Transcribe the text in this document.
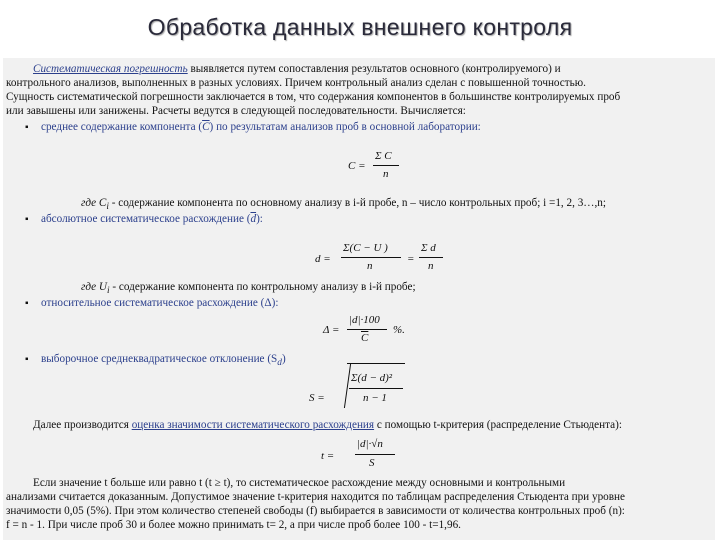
Обработка данных внешнего контроля
Систематическая погрешность выявляется путем сопоставления результатов основного (контролируемого) и
контрольного анализов, выполненных в разных условиях. Причем контрольный анализ сделан с повышенной точностью.
Сущность систематической погрешности заключается в том, что содержания компонентов в большинстве контролируемых проб
или завышены или занижены. Расчеты ведутся в следующей последовательности. Вычисляется:
▪ среднее содержание компонента $(\overline{C})$ по результатам анализов проб в основной лаборатории:
C =
Σ C
n
где $C_i$ - содержание компонента по основному анализу в i-й пробе, n – число контрольных проб; i =1, 2, 3…,n;
▪ абсолютное систематическое расхождение $(\overline{d})$:
d =
Σ(C − U )
n
=
Σ d
n
где $U_i$ - содержание компонента по контрольному анализу в i-й пробе;
▪ относительное систематическое расхождение (Δ):
Δ =
|d|·100
$\overline{C}$
%.
▪ выборочное среднеквадратическое отклонение $(S_d)$
S =
Σ(d − d)²
n − 1
Далее производится оценка значимости систематического расхождения с помощью t-критерия (распределение Стьюдента):
t =
|d|·√n
S
Если значение t больше или равно t (t ≥ t), то систематическое расхождение между основными и контрольными
анализами считается доказанным. Допустимое значение t-критерия находится по таблицам распределения Стьюдента при уровне
значимости 0,05 (5%). При этом количество степеней свободы (f) выбирается в зависимости от количества контрольных проб (n):
f = n - 1. При числе проб 30 и более можно принимать t= 2, а при числе проб более 100 - t=1,96.
